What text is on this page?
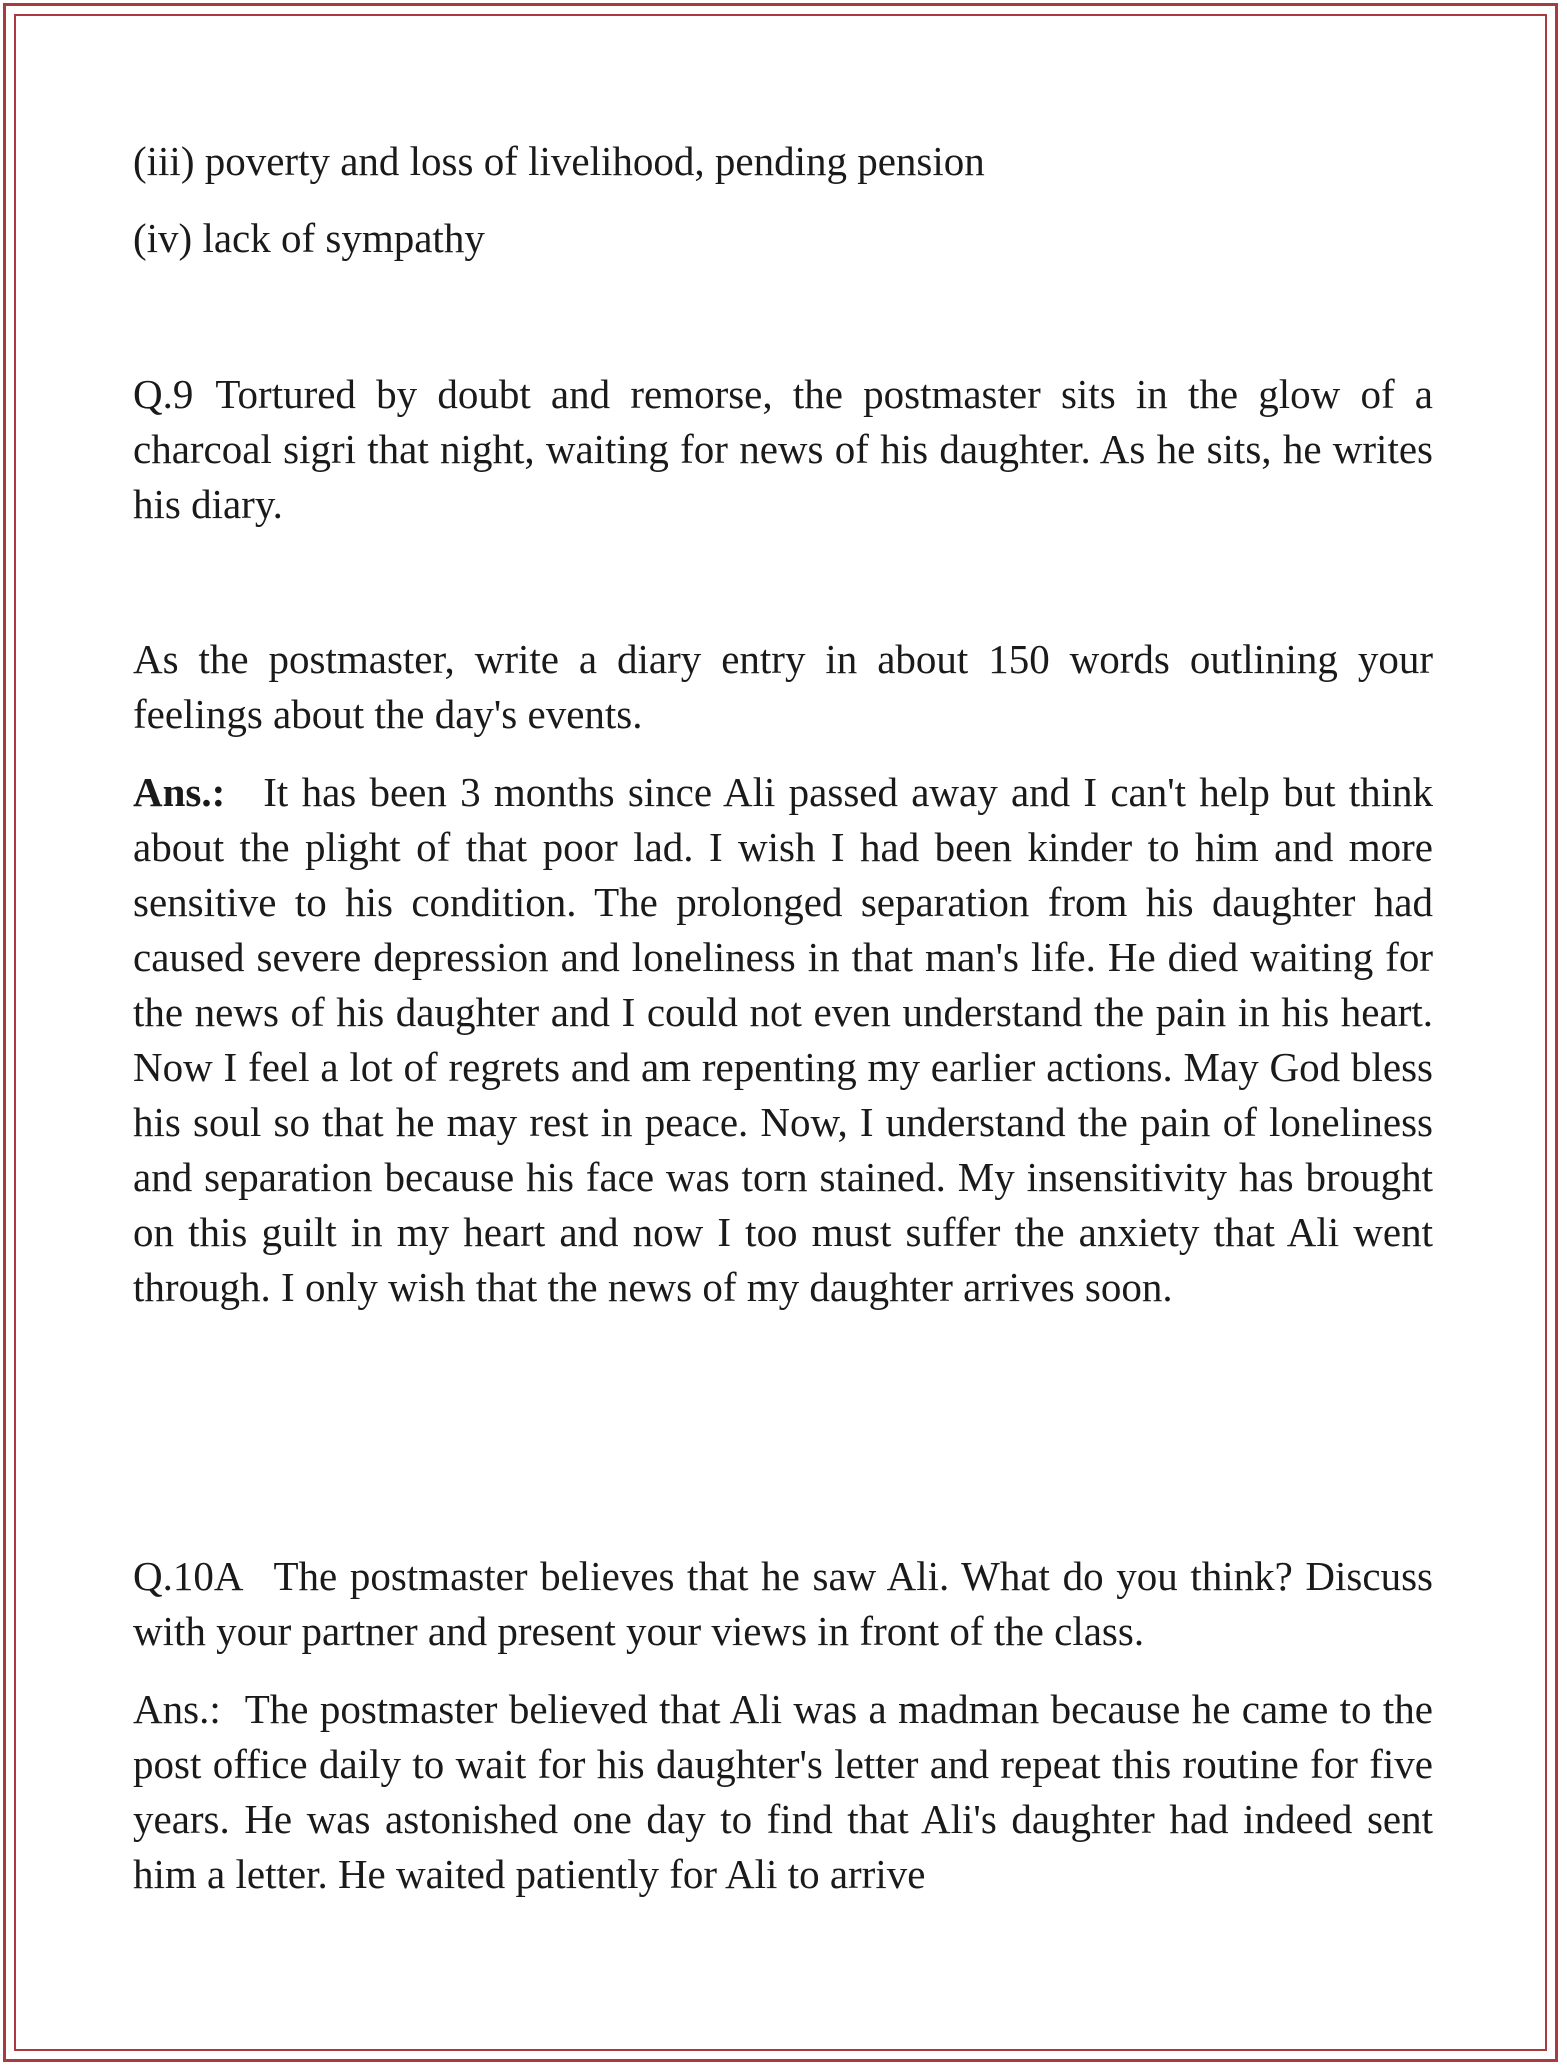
(iii) poverty and loss of livelihood, pending pension

(iv) lack of sympathy

Q.9 Tortured by doubt and remorse, the postmaster sits in the glow of a charcoal sigri that night, waiting for news of his daughter. As he sits, he writes his diary.

As the postmaster, write a diary entry in about 150 words outlining your feelings about the day's events.

Ans.: It has been 3 months since Ali passed away and I can't help but think about the plight of that poor lad. I wish I had been kinder to him and more sensitive to his condition. The prolonged separation from his daughter had caused severe depression and loneliness in that man's life. He died waiting for the news of his daughter and I could not even understand the pain in his heart. Now I feel a lot of regrets and am repenting my earlier actions. May God bless his soul so that he may rest in peace. Now, I understand the pain of loneliness and separation because his face was torn stained. My insensitivity has brought on this guilt in my heart and now I too must suffer the anxiety that Ali went through. I only wish that the news of my daughter arrives soon.

Q.10A The postmaster believes that he saw Ali. What do you think? Discuss with your partner and present your views in front of the class.

Ans.: The postmaster believed that Ali was a madman because he came to the post office daily to wait for his daughter's letter and repeat this routine for five years. He was astonished one day to find that Ali's daughter had indeed sent him a letter. He waited patiently for Ali to arrive
